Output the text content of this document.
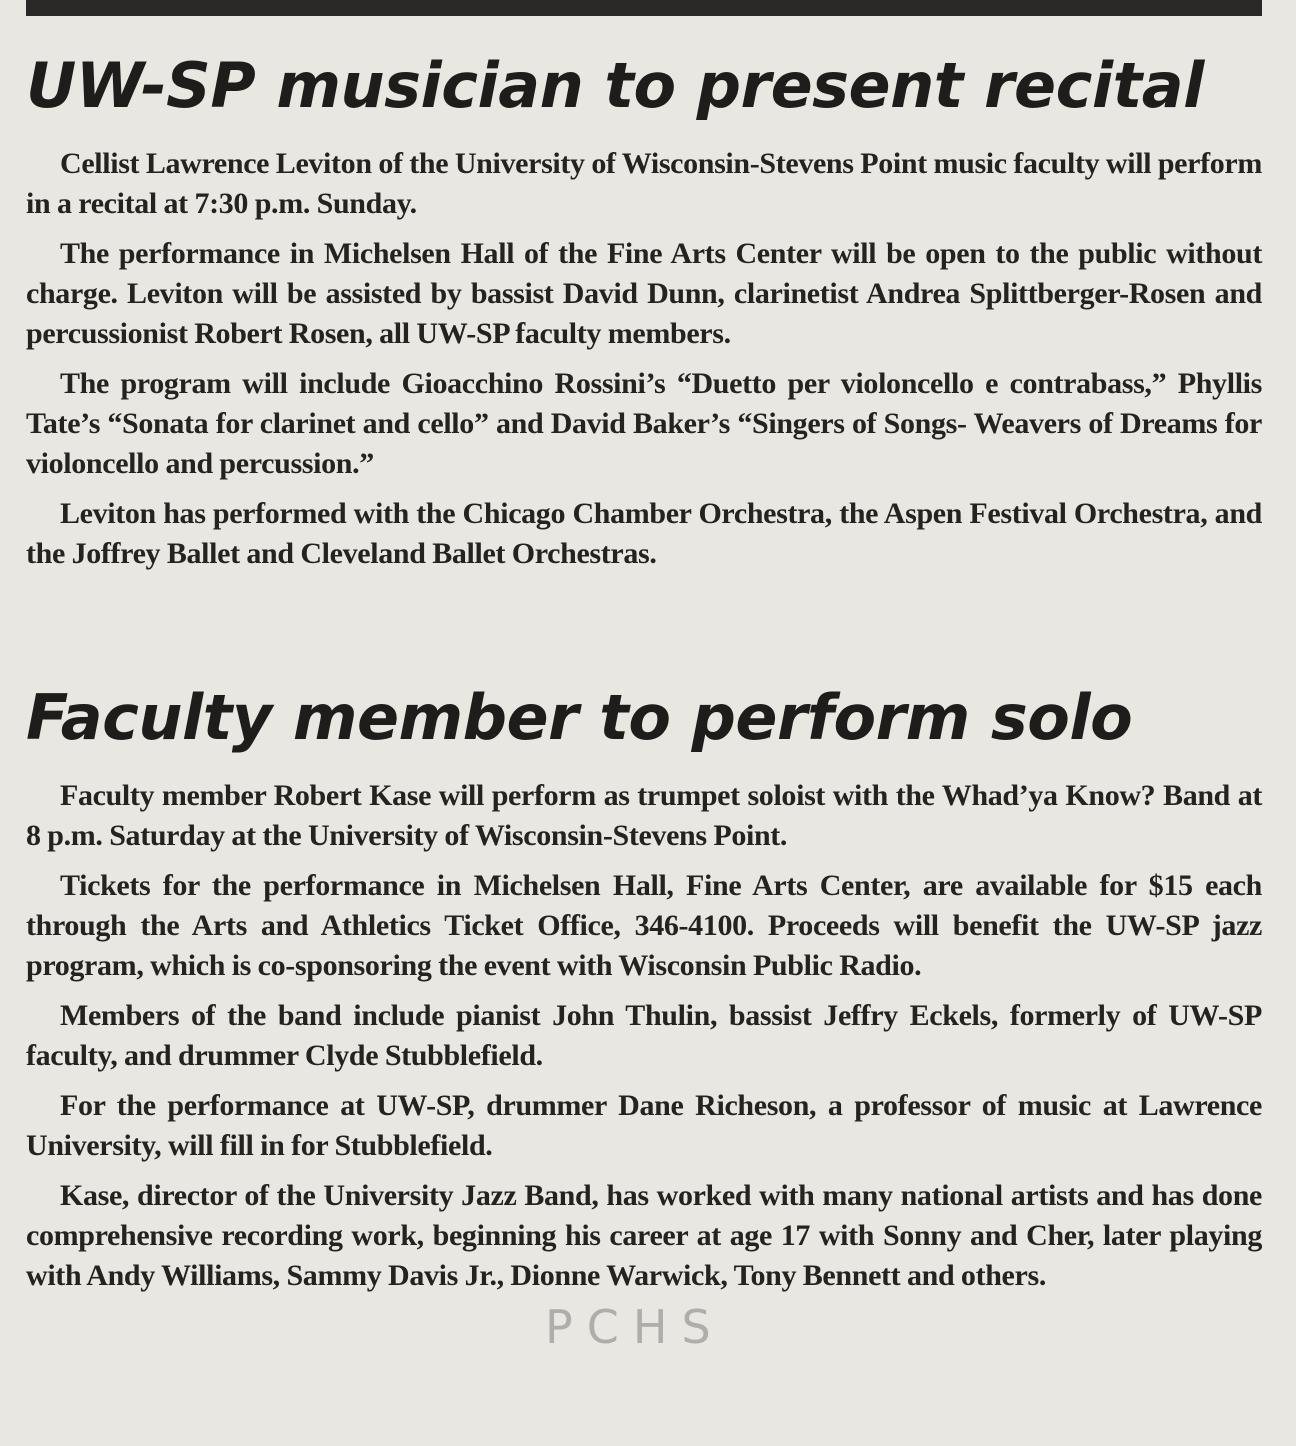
UW-SP musician to present recital

Cellist Lawrence Leviton of the University of Wisconsin-Stevens Point music faculty will perform in a recital at 7:30 p.m. Sunday.

The performance in Michelsen Hall of the Fine Arts Center will be open to the public without charge. Leviton will be assisted by bassist David Dunn, clarinetist Andrea Splittberger-Rosen and percussionist Robert Rosen, all UW-SP faculty members.

The program will include Gioacchino Rossini’s “Duetto per violoncello e contrabass,” Phyllis Tate’s “Sonata for clarinet and cello” and David Baker’s “Singers of Songs- Weavers of Dreams for violoncello and percussion.”

Leviton has performed with the Chicago Chamber Orchestra, the Aspen Festival Orchestra, and the Joffrey Ballet and Cleveland Ballet Orchestras.

Faculty member to perform solo

Faculty member Robert Kase will perform as trumpet soloist with the Whad’ya Know? Band at 8 p.m. Saturday at the University of Wisconsin-Stevens Point.

Tickets for the performance in Michelsen Hall, Fine Arts Center, are available for $15 each through the Arts and Athletics Ticket Office, 346-4100. Proceeds will benefit the UW-SP jazz program, which is co-sponsoring the event with Wisconsin Public Radio.

Members of the band include pianist John Thulin, bassist Jeffry Eckels, formerly of UW-SP faculty, and drummer Clyde Stubblefield.

For the performance at UW-SP, drummer Dane Richeson, a professor of music at Lawrence University, will fill in for Stubblefield.

Kase, director of the University Jazz Band, has worked with many national artists and has done comprehensive recording work, beginning his career at age 17 with Sonny and Cher, later playing with Andy Williams, Sammy Davis Jr., Dionne Warwick, Tony Bennett and others.

PCHS
